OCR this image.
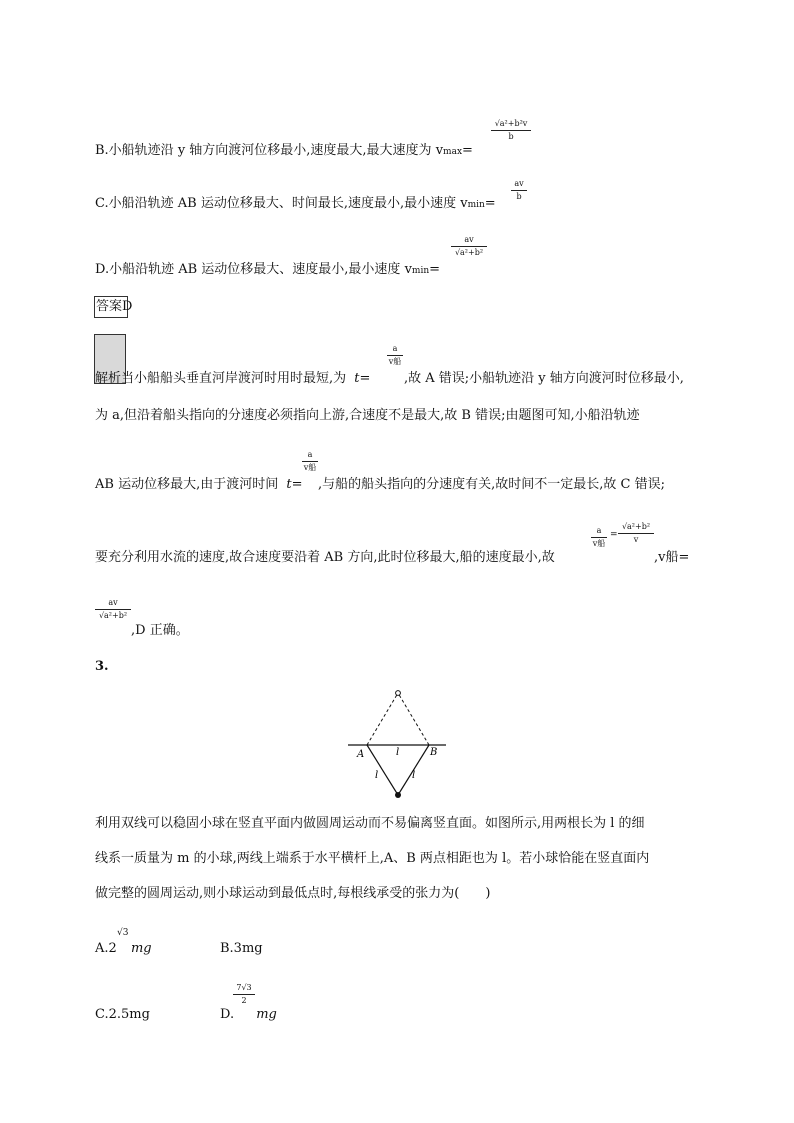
B.小船轨迹沿 y 轴方向渡河位移最小,速度最大,最大速度为 vmax=
√a²+b²v
b
C.小船沿轨迹 AB 运动位移最大、时间最长,速度最小,最小速度 vmin=
av
b
D.小船沿轨迹 AB 运动位移最大、速度最小,最小速度 vmin=
av
√a²+b²
答案D
解析当小船船头垂直河岸渡河时用时最短,为 t=
a
v船
,故 A 错误;小船轨迹沿 y 轴方向渡河时位移最小,
为 a,但沿着船头指向的分速度必须指向上游,合速度不是最大,故 B 错误;由题图可知,小船沿轨迹
AB 运动位移最大,由于渡河时间 t=
a
v船
,与船的船头指向的分速度有关,故时间不一定最长,故 C 错误;
要充分利用水流的速度,故合速度要沿着 AB 方向,此时位移最大,船的速度最小,故
a
v船
=
√a²+b²
v
,v船=
av
√a²+b²
,D 正确。
3.
A	B
l
l	l
利用双线可以稳固小球在竖直平面内做圆周运动而不易偏离竖直面。如图所示,用两根长为 l 的细
线系一质量为 m 的小球,两线上端系于水平横杆上,A、B 两点相距也为 l。若小球恰能在竖直面内
做完整的圆周运动,则小球运动到最低点时,每根线承受的张力为(　　)
A.2 mg
√3
B.3mg
C.2.5mg	D. mg
7√3
2
